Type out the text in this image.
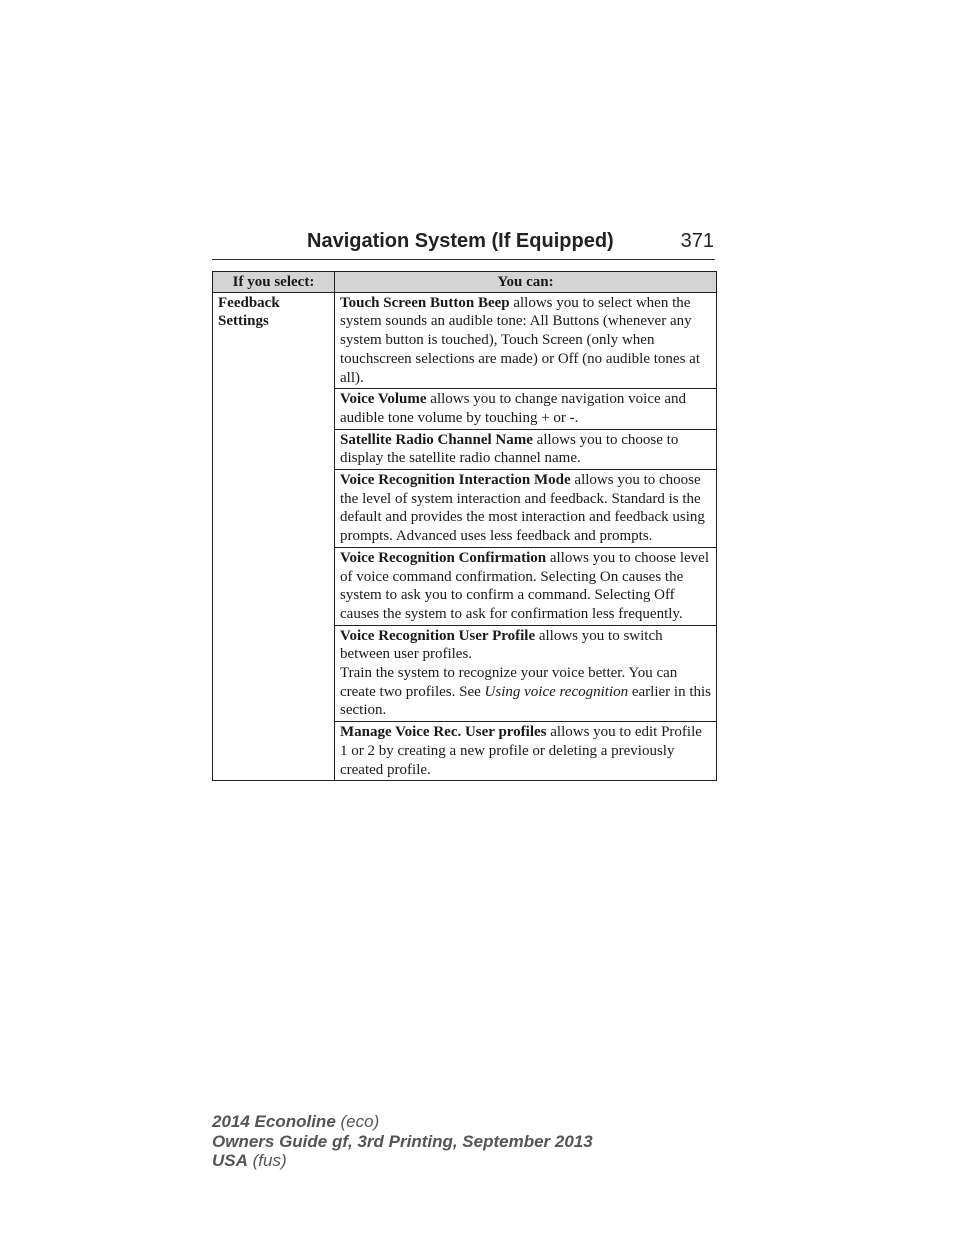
Navigation System (If Equipped)	371
If you select:	You can:
Feedback
Settings	Touch Screen Button Beep allows you to select when the system sounds an audible tone: All Buttons (whenever any system button is touched), Touch Screen (only when touchscreen selections are made) or Off (no audible tones at all).
	Voice Volume allows you to change navigation voice and audible tone volume by touching + or -.
	Satellite Radio Channel Name allows you to choose to display the satellite radio channel name.
	Voice Recognition Interaction Mode allows you to choose the level of system interaction and feedback. Standard is the default and provides the most interaction and feedback using prompts. Advanced uses less feedback and prompts.
	Voice Recognition Confirmation allows you to choose level of voice command confirmation. Selecting On causes the system to ask you to confirm a command. Selecting Off causes the system to ask for confirmation less frequently.
	Voice Recognition User Profile allows you to switch between user profiles.
Train the system to recognize your voice better. You can create two profiles. See Using voice recognition earlier in this section.
	Manage Voice Rec. User profiles allows you to edit Profile 1 or 2 by creating a new profile or deleting a previously created profile.
2014 Econoline (eco)
Owners Guide gf, 3rd Printing, September 2013
USA (fus)
